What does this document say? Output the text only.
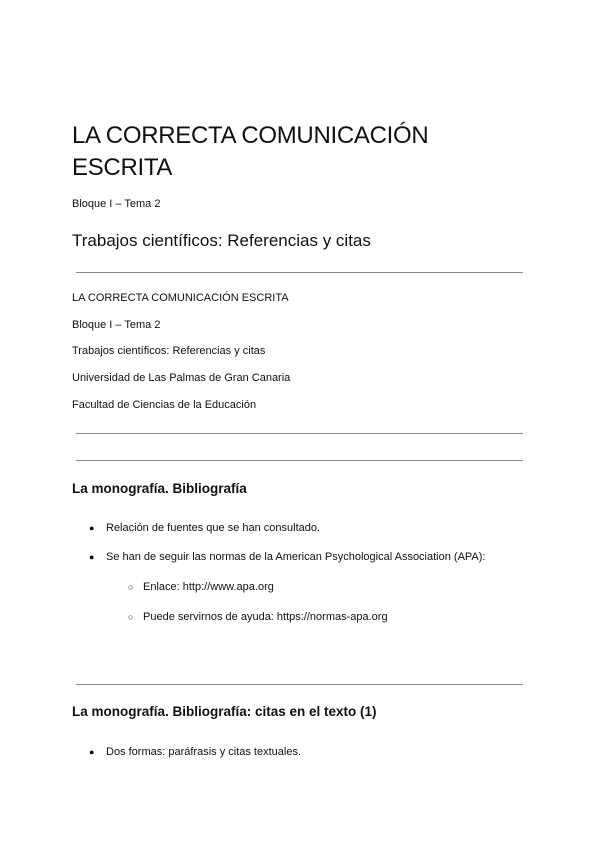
LA CORRECTA COMUNICACIÓN ESCRITA

Bloque I – Tema 2

Trabajos científicos: Referencias y citas

LA CORRECTA COMUNICACIÓN ESCRITA

Bloque I – Tema 2

Trabajos científicos: Referencias y citas

Universidad de Las Palmas de Gran Canaria

Facultad de Ciencias de la Educación

La monografía. Bibliografía
●	Relación de fuentes que se han consultado.
●	Se han de seguir las normas de la American Psychological Association (APA):
○ Enlace: http://www.apa.org
○ Puede servirnos de ayuda: https://normas-apa.org
La monografía. Bibliografía: citas en el texto (1)
●	Dos formas: paráfrasis y citas textuales.
